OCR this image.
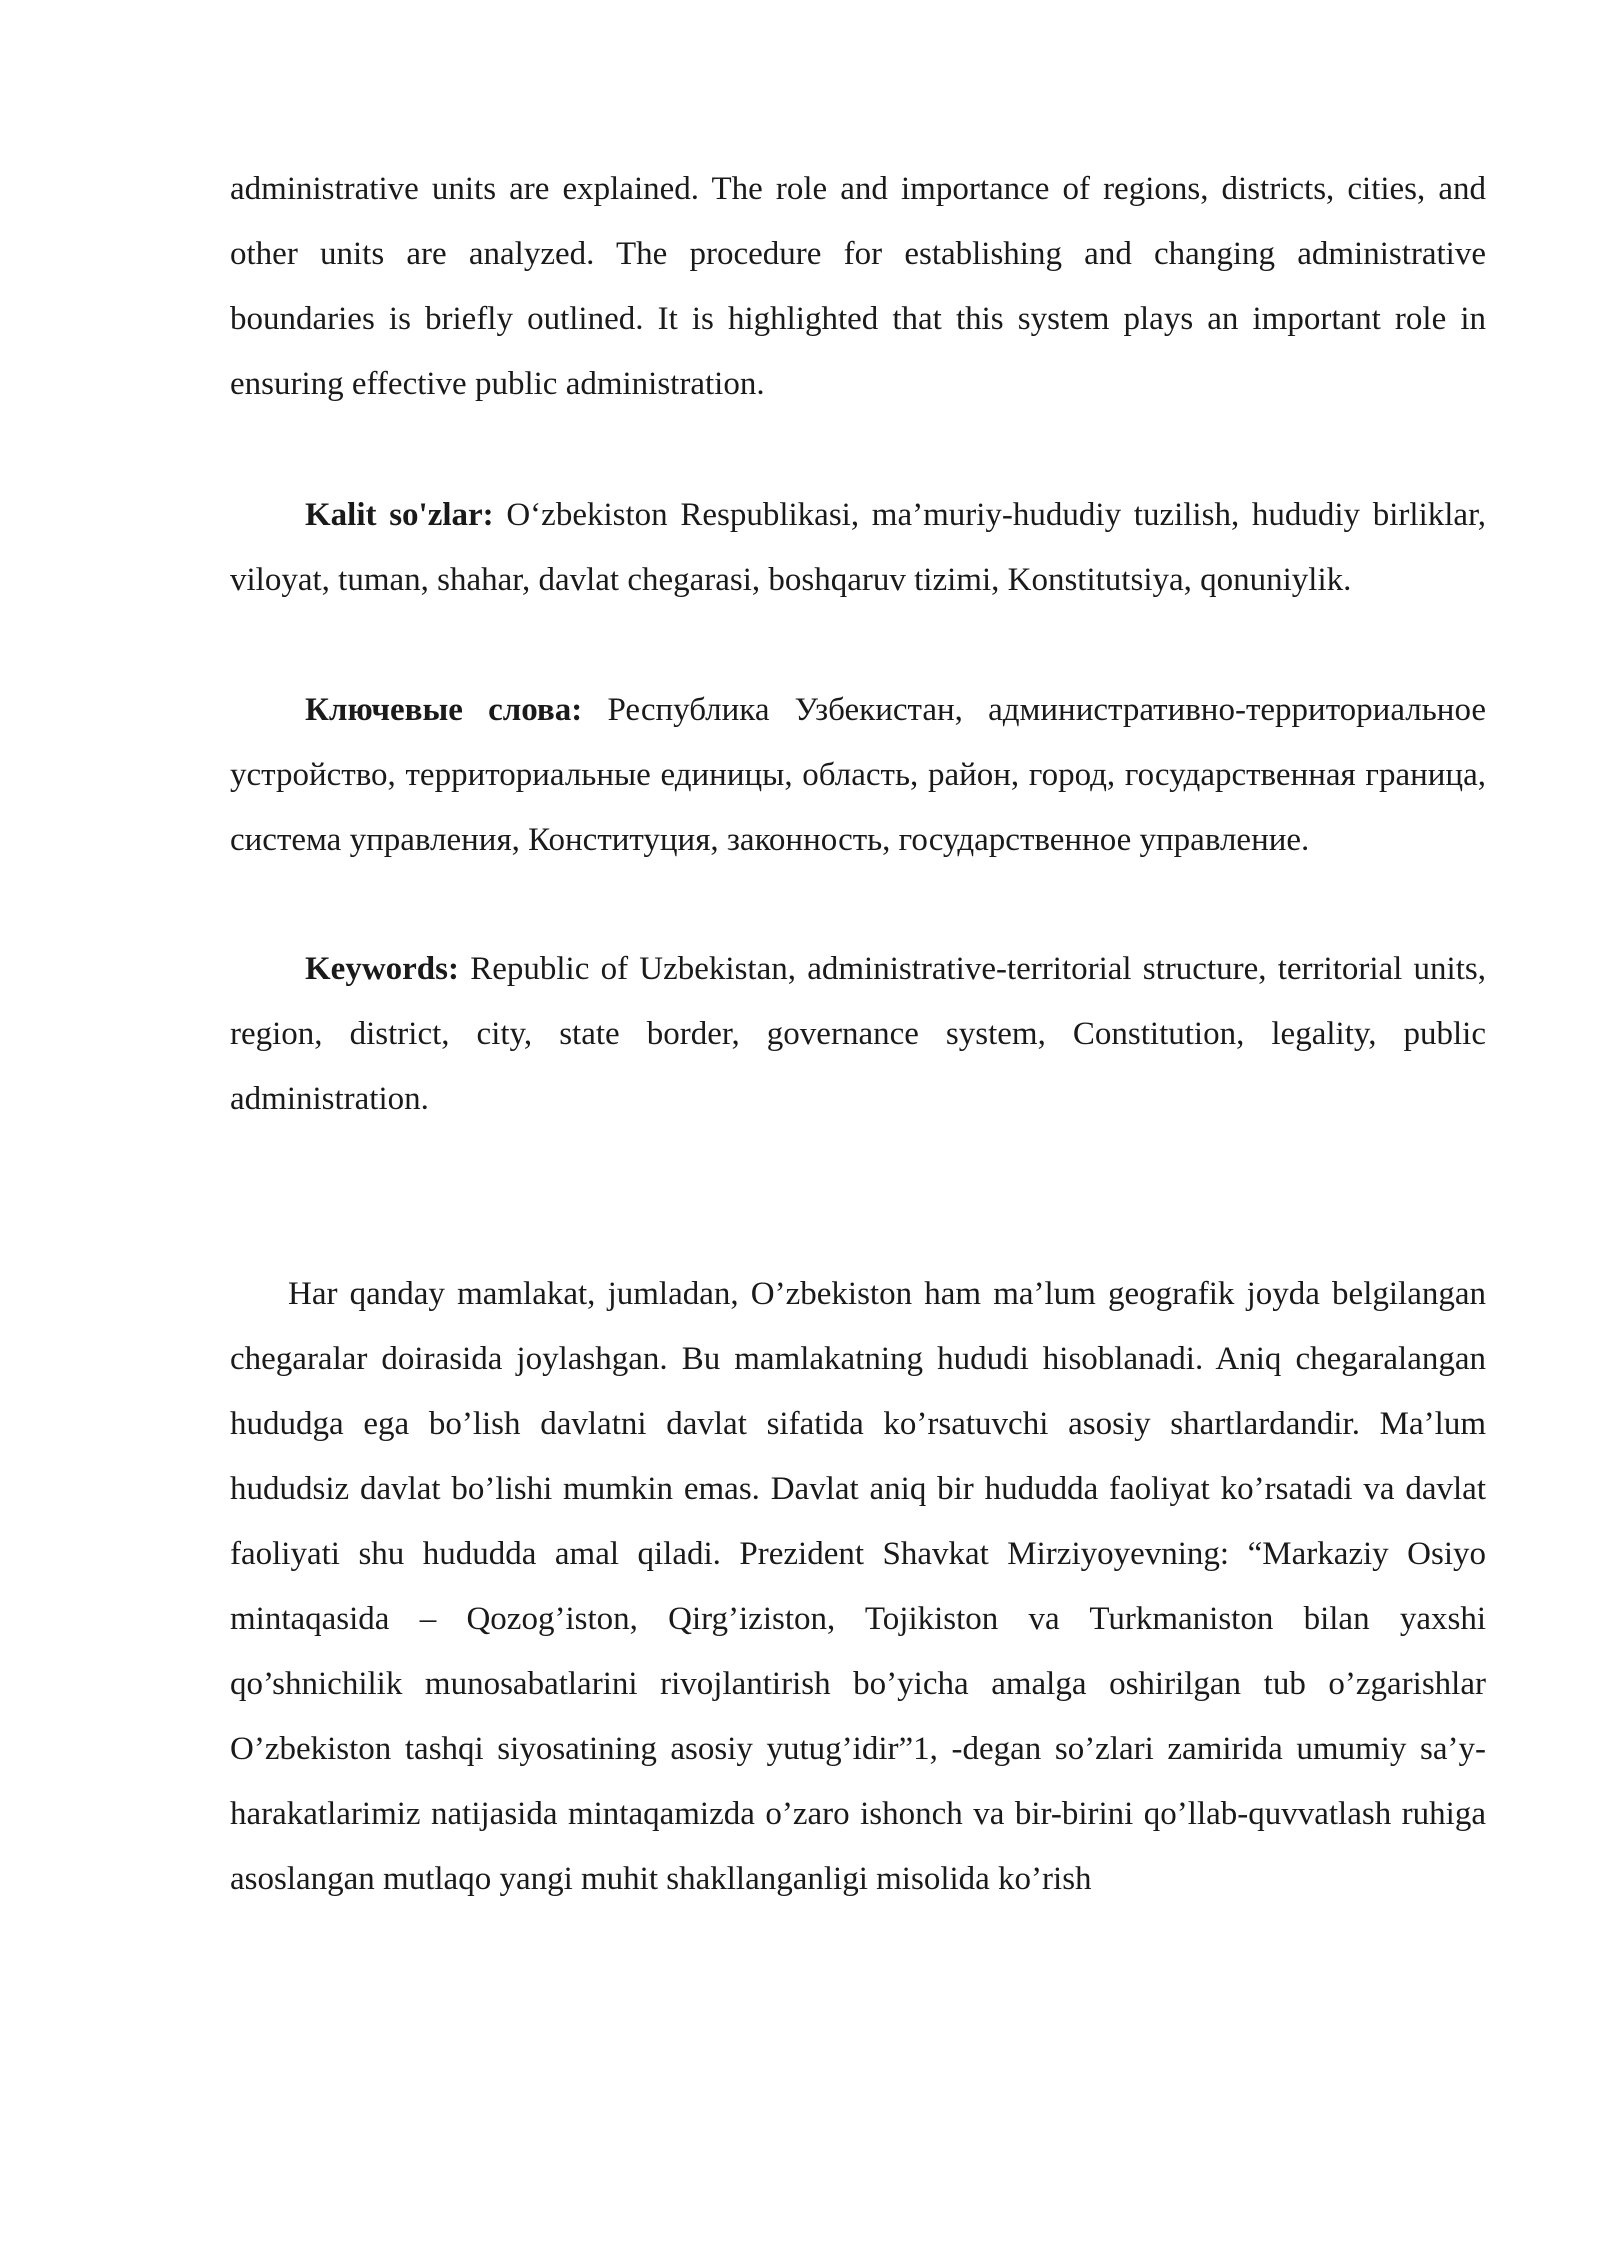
administrative units are explained. The role and importance of regions, districts, cities, and other units are analyzed. The procedure for establishing and changing administrative boundaries is briefly outlined. It is highlighted that this system plays an important role in ensuring effective public administration.

Kalit so'zlar: O‘zbekiston Respublikasi, ma’muriy-hududiy tuzilish, hududiy birliklar, viloyat, tuman, shahar, davlat chegarasi, boshqaruv tizimi, Konstitutsiya, qonuniylik.

Ключевые слова: Республика Узбекистан, административно-территориальное устройство, территориальные единицы, область, район, город, государственная граница, система управления, Конституция, законность, государственное управление.

Keywords: Republic of Uzbekistan, administrative-territorial structure, territorial units, region, district, city, state border, governance system, Constitution, legality, public administration.

Har qanday mamlakat, jumladan, O’zbekiston ham ma’lum geografik joyda belgilangan chegaralar doirasida joylashgan. Bu mamlakatning hududi hisoblanadi. Aniq chegaralangan hududga ega bo’lish davlatni davlat sifatida ko’rsatuvchi asosiy shartlardandir. Ma’lum hududsiz davlat bo’lishi mumkin emas. Davlat aniq bir hududda faoliyat ko’rsatadi va davlat faoliyati shu hududda amal qiladi. Prezident Shavkat Mirziyoyevning: “Markaziy Osiyo mintaqasida – Qozog’iston, Qirg’iziston, Tojikiston va Turkmaniston bilan yaxshi qo’shnichilik munosabatlarini rivojlantirish bo’yicha amalga oshirilgan tub o’zgarishlar O’zbekiston tashqi siyosatining asosiy yutug’idir”1, -degan so’zlari zamirida umumiy sa’y-harakatlarimiz natijasida mintaqamizda o’zaro ishonch va bir-birini qo’llab-quvvatlash ruhiga asoslangan mutlaqo yangi muhit shakllanganligi misolida ko’rish
